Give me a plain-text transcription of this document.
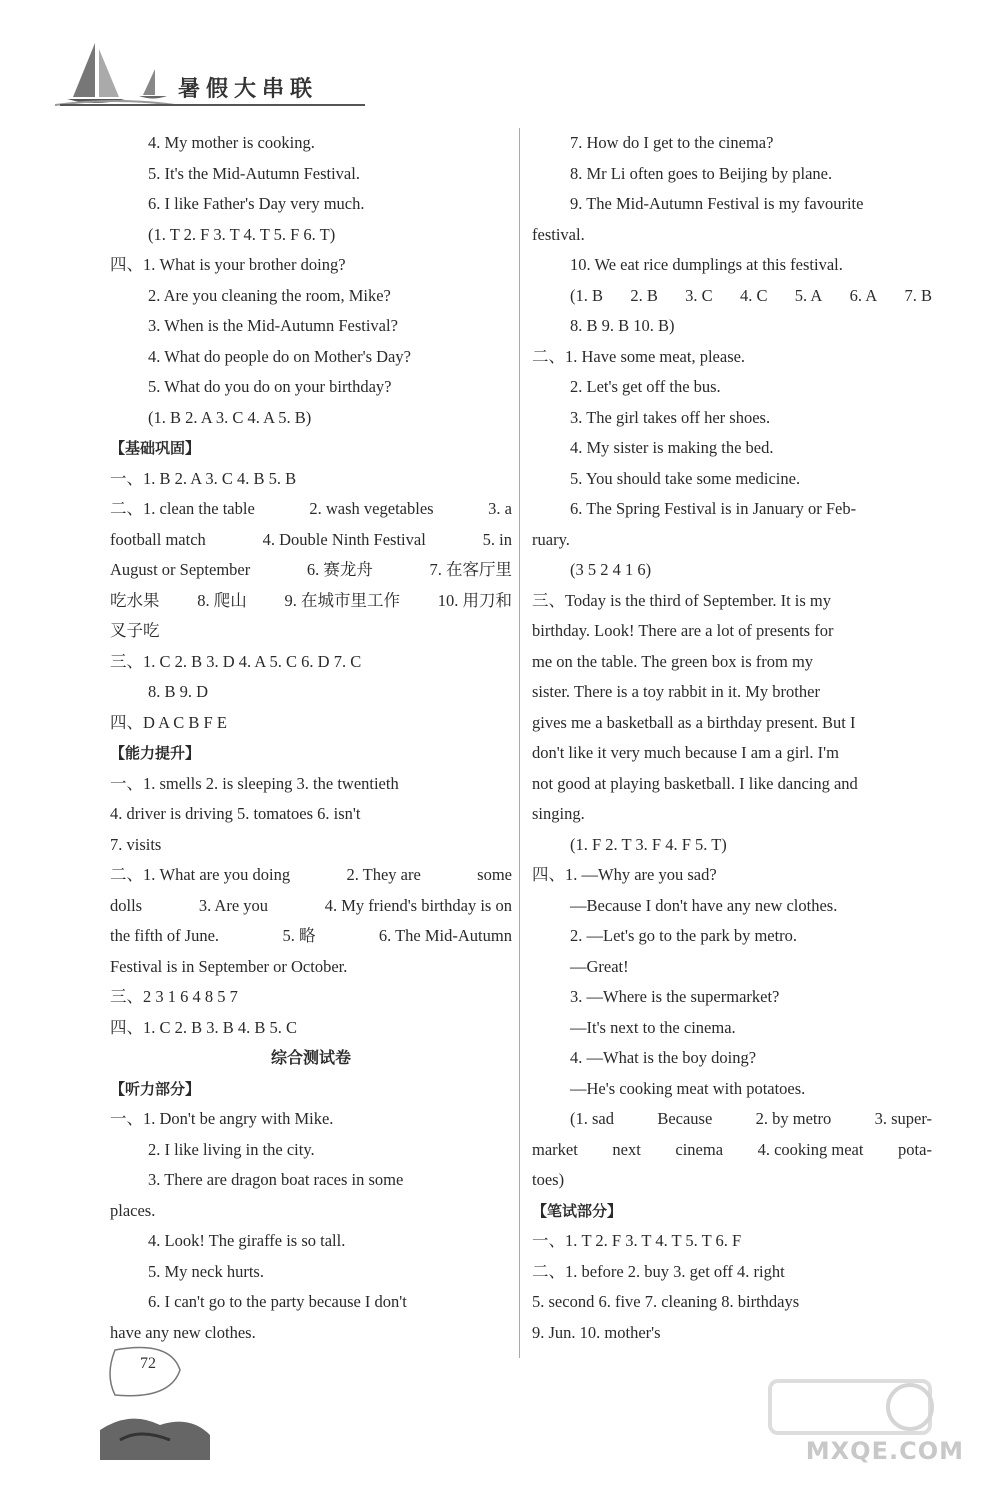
暑假大串联
4. My mother is cooking.
5. It's the Mid-Autumn Festival.
6. I like Father's Day very much.
(1. T 2. F 3. T 4. T 5. F 6. T)
四、1. What is your brother doing?
2. Are you cleaning the room, Mike?
3. When is the Mid-Autumn Festival?
4. What do people do on Mother's Day?
5. What do you do on your birthday?
(1. B 2. A 3. C 4. A 5. B)
【基础巩固】
一、1. B 2. A 3. C 4. B 5. B
二、1. clean the table	2. wash vegetables	3. a
football match	4. Double Ninth Festival	5. in
August or September	6. 赛龙舟	7. 在客厅里
吃水果 8. 爬山 9. 在城市里工作 10. 用刀和
叉子吃
三、1. C 2. B 3. D 4. A 5. C 6. D 7. C
8. B 9. D
四、D A C B F E
【能力提升】
一、1. smells 2. is sleeping 3. the twentieth
4. driver is driving 5. tomatoes 6. isn't
7. visits
二、1. What are you doing	2. They are	some
dolls	3. Are you	4. My friend's birthday is on
the fifth of June.	5. 略	6. The Mid-Autumn
Festival is in September or October.
三、2 3 1 6 4 8 5 7
四、1. C 2. B 3. B 4. B 5. C
综合测试卷
【听力部分】
一、1. Don't be angry with Mike.
2. I like living in the city.
3. There are dragon boat races in some
places.
4. Look! The giraffe is so tall.
5. My neck hurts.
6. I can't go to the party because I don't
have any new clothes.
7. How do I get to the cinema?
8. Mr Li often goes to Beijing by plane.
9. The Mid-Autumn Festival is my favourite
festival.
10. We eat rice dumplings at this festival.
(1. B 2. B 3. C 4. C 5. A 6. A 7. B
8. B 9. B 10. B)
二、1. Have some meat, please.
2. Let's get off the bus.
3. The girl takes off her shoes.
4. My sister is making the bed.
5. You should take some medicine.
6. The Spring Festival is in January or Feb-
ruary.
(3 5 2 4 1 6)
三、Today is the third of September. It is my
birthday. Look! There are a lot of presents for
me on the table. The green box is from my
sister. There is a toy rabbit in it. My brother
gives me a basketball as a birthday present. But I
don't like it very much because I am a girl. I'm
not good at playing basketball. I like dancing and
singing.
(1. F 2. T 3. F 4. F 5. T)
四、1. —Why are you sad?
—Because I don't have any new clothes.
2. —Let's go to the park by metro.
—Great!
3. —Where is the supermarket?
—It's next to the cinema.
4. —What is the boy doing?
—He's cooking meat with potatoes.
(1. sad	Because	2. by metro	3. super-
market next cinema 4. cooking meat pota-
toes)
【笔试部分】
一、1. T 2. F 3. T 4. T 5. T 6. F
二、1. before 2. buy 3. get off 4. right
5. second 6. five 7. cleaning 8. birthdays
9. Jun. 10. mother's
72
MXQE.COM
